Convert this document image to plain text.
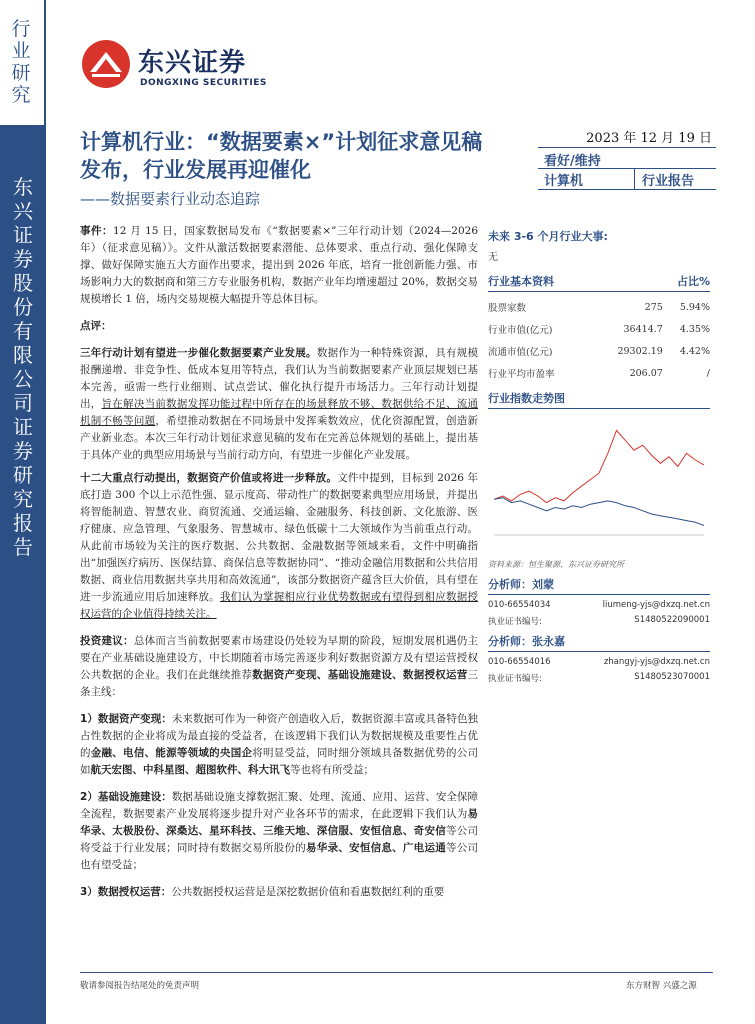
行业研究
东兴证券股份有限公司证券研究报告
东兴证券
DONGXING SECURITIES
计算机行业：“数据要素×”计划征求意见稿发布，行业发展再迎催化
——数据要素行业动态追踪
2023 年 12 月 19 日
看好/维持
计算机	行业报告

事件：12 月 15 日，国家数据局发布《“数据要素×”三年行动计划（2024—2026 年）（征求意见稿）》。文件从激活数据要素潜能、总体要求、重点行动、强化保障支撑、做好保障实施五大方面作出要求，提出到 2026 年底，培育一批创新能力强、市场影响力大的数据商和第三方专业服务机构，数据产业年均增速超过 20%，数据交易规模增长 1 倍，场内交易规模大幅提升等总体目标。

点评：

三年行动计划有望进一步催化数据要素产业发展。数据作为一种特殊资源，具有规模报酬递增、非竞争性、低成本复用等特点，我们认为当前数据要素产业顶层规划已基本完善，亟需一些行业细则、试点尝试、催化执行提升市场活力。三年行动计划提出，旨在解决当前数据发挥功能过程中所存在的场景释放不够、数据供给不足、流通机制不畅等问题，希望推动数据在不同场景中发挥乘数效应，优化资源配置，创造新产业新业态。本次三年行动计划征求意见稿的发布在完善总体规划的基础上，提出基于具体产业的典型应用场景与当前行动方向，有望进一步催化产业发展。

十二大重点行动提出，数据资产价值或将进一步释放。文件中提到，目标到 2026 年底打造 300 个以上示范性强、显示度高、带动性广的数据要素典型应用场景，并提出将智能制造、智慧农业、商贸流通、交通运输、金融服务、科技创新、文化旅游、医疗健康、应急管理、气象服务、智慧城市、绿色低碳十二大领域作为当前重点行动。从此前市场较为关注的医疗数据、公共数据、金融数据等领域来看，文件中明确指出“加强医疗病历、医保结算、商保信息等数据协同”、“推动金融信用数据和公共信用数据、商业信用数据共享共用和高效流通”，该部分数据资产蕴含巨大价值，具有望在进一步流通应用后加速释放。我们认为掌握相应行业优势数据或有望得到相应数据授权运营的企业值得持续关注。

投资建议：总体而言当前数据要素市场建设仍处较为早期的阶段，短期发展机遇仍主要在产业基础设施建设方，中长期随着市场完善逐步利好数据资源方及有望运营授权公共数据的企业。我们在此继续推荐数据资产变现、基础设施建设、数据授权运营三条主线：

1）数据资产变现：未来数据可作为一种资产创造收入后，数据资源丰富或具备特色独占性数据的企业将成为最直接的受益者，在该逻辑下我们认为数据规模及重要性占优的金融、电信、能源等领域的央国企将明显受益，同时细分领域具备数据优势的公司如航天宏图、中科星图、超图软件、科大讯飞等也将有所受益；

2）基础设施建设：数据基础设施支撑数据汇聚、处理、流通、应用、运营、安全保障全流程，数据要素产业发展将逐步提升对产业各环节的需求，在此逻辑下我们认为易华录、太极股份、深桑达、星环科技、三维天地、深信服、安恒信息、奇安信等公司将受益于行业发展；同时持有数据交易所股份的易华录、安恒信息、广电运通等公司也有望受益；

3）数据授权运营：公共数据授权运营是是深挖数据价值和看惠数据红利的重要

未来 3-6 个月行业大事:
无
行业基本资料	占比%
股票家数	275	5.94%
行业市值(亿元)	36414.7	4.35%
流通市值(亿元)	29302.19	4.42%
行业平均市盈率	206.07	/
行业指数走势图
资料来源：恒生聚源、东兴证券研究所
分析师：刘蒙
010-66554034	liumeng-yjs@dxzq.net.cn
执业证书编号:	S1480522090001
分析师：张永嘉
010-66554016	zhangyj-yjs@dxzq.net.cn
执业证书编号:	S1480523070001
敬请参阅报告结尾处的免责声明	东方财智 兴盛之源
